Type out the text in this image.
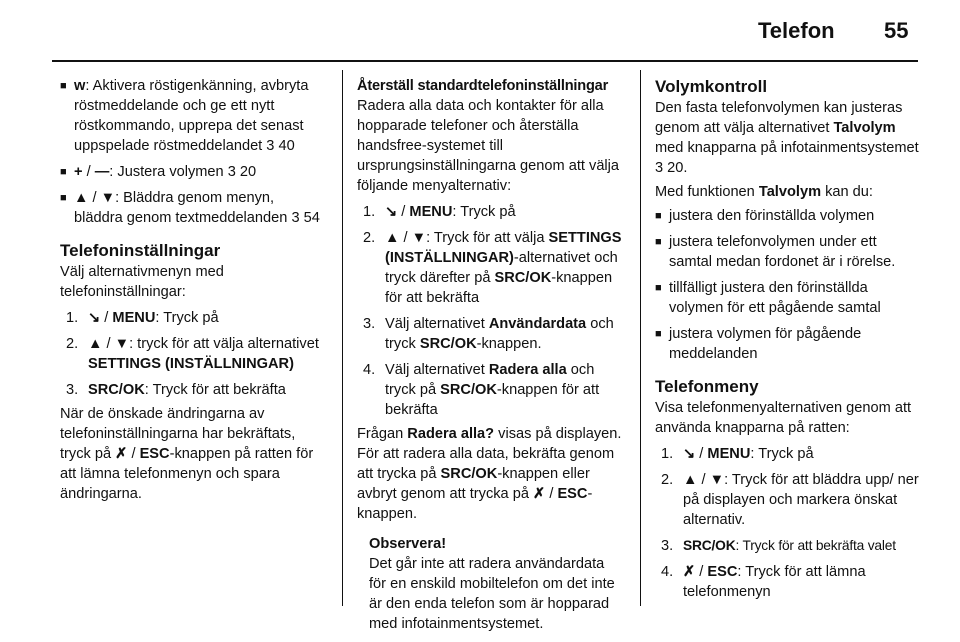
Telefon 55
■ w: Aktivera röstigenkänning, avbryta röstmeddelande och ge ett nytt röstkommando, upprepa det senast uppspelade röstmeddelandet 3 40
■ + / —: Justera volymen 3 20
■ ▲ / ▼: Bläddra genom menyn, bläddra genom textmeddelanden 3 54
Telefoninställningar

Välj alternativmenyn med telefoninställningar:

1. ↘ / MENU: Tryck på
2. ▲ / ▼: tryck för att välja alternativet SETTINGS (INSTÄLLNINGAR)
3. SRC/OK: Tryck för att bekräfta

När de önskade ändringarna av telefoninställningarna har bekräftats, tryck på ✗ / ESC-knappen på ratten för att lämna telefonmenyn och spara ändringarna.

Återställ standardtelefoninställningar

Radera alla data och kontakter för alla hopparade telefoner och återställa handsfree-systemet till ursprungsinställningarna genom att välja följande menyalternativ:

1. ↘ / MENU: Tryck på
2. ▲ / ▼: Tryck för att välja SETTINGS (INSTÄLLNINGAR)-alternativet och tryck därefter på SRC/OK-knappen för att bekräfta
3. Välj alternativet Användardata och tryck SRC/OK-knappen.
4. Välj alternativet Radera alla och tryck på SRC/OK-knappen för att bekräfta

Frågan Radera alla? visas på displayen. För att radera alla data, bekräfta genom att trycka på SRC/OK-knappen eller avbryt genom att trycka på ✗ / ESC-knappen.

Observera!

Det går inte att radera användardata för en enskild mobiltelefon om det inte är den enda telefon som är hopparad med infotainmentsystemet.

Volymkontroll

Den fasta telefonvolymen kan justeras genom att välja alternativet Talvolym med knapparna på infotainmentsystemet 3 20.

Med funktionen Talvolym kan du:

■ justera den förinställda volymen
■ justera telefonvolymen under ett samtal medan fordonet är i rörelse.
■ tillfälligt justera den förinställda volymen för ett pågående samtal
■ justera volymen för pågående meddelanden
Telefonmeny

Visa telefonmenyalternativen genom att använda knapparna på ratten:

1. ↘ / MENU: Tryck på
2. ▲ / ▼: Tryck för att bläddra upp/ ner på displayen och markera önskat alternativ.
3. SRC/OK: Tryck för att bekräfta valet
4. ✗ / ESC: Tryck för att lämna telefonmenyn
